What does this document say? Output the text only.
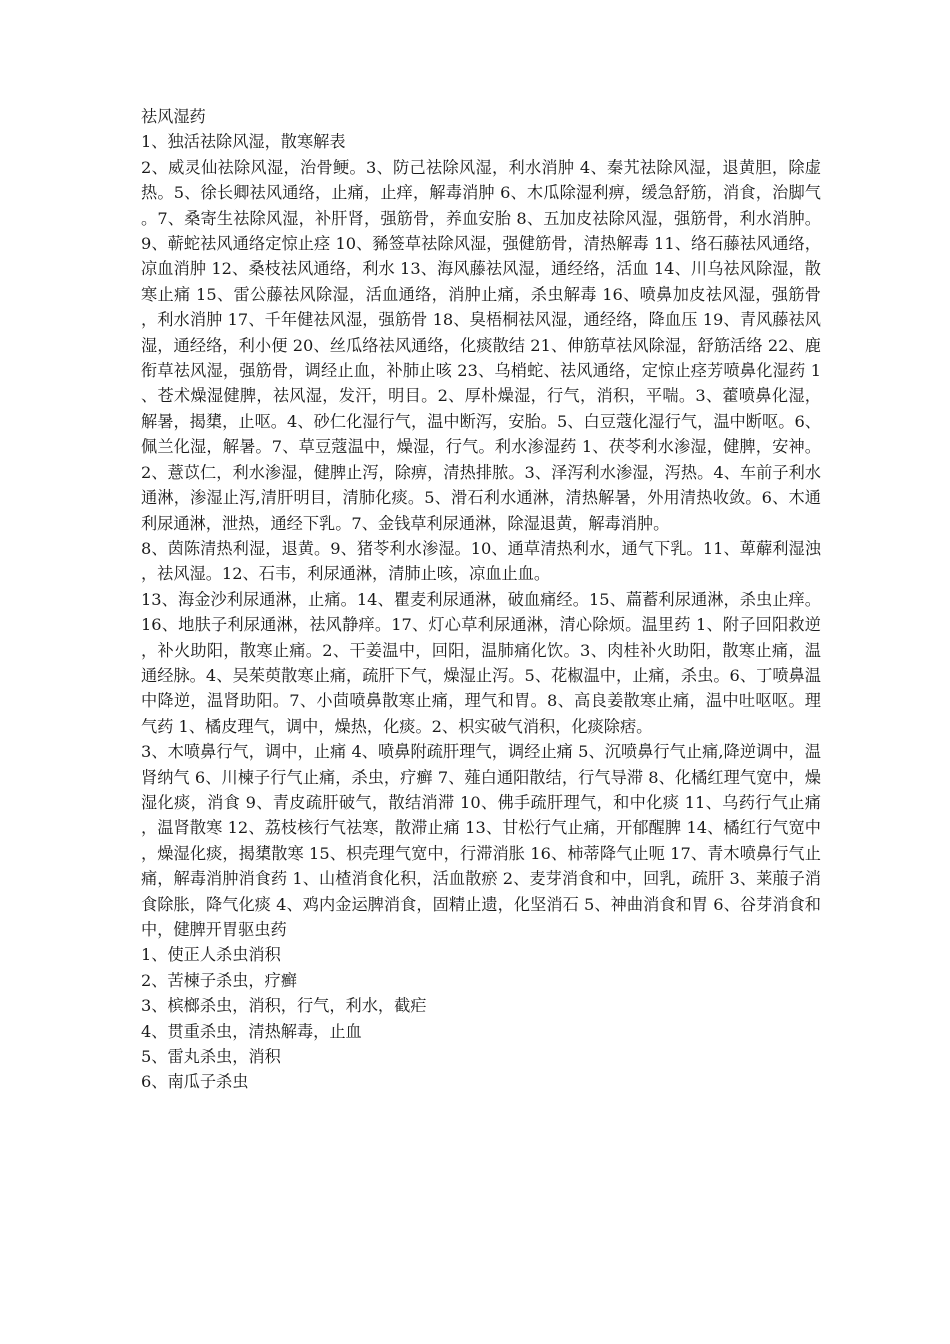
祛风湿药

1、独活祛除风湿，散寒解表

2、威灵仙祛除风湿，治骨鲠。3、防己祛除风湿，利水消肿 4、秦艽祛除风湿，退黄胆，除虚热。5、徐长卿祛风通络，止痛，止痒，解毒消肿 6、木瓜除湿利痹，缓急舒筋，消食，治脚气。7、桑寄生祛除风湿，补肝肾，强筋骨，养血安胎 8、五加皮祛除风湿，强筋骨，利水消肿。9、蕲蛇祛风通络定惊止痉 10、豨签草祛除风湿，强健筋骨，清热解毒 11、络石藤祛风通络，凉血消肿 12、桑枝祛风通络，利水 13、海风藤祛风湿，通经络，活血 14、川乌祛风除湿，散寒止痛 15、雷公藤祛风除湿，活血通络，消肿止痛，杀虫解毒 16、喷鼻加皮祛风湿，强筋骨，利水消肿 17、千年健祛风湿，强筋骨 18、臭梧桐祛风湿，通经络，降血压 19、青风藤祛风湿，通经络，利小便 20、丝瓜络祛风通络，化痰散结 21、伸筋草祛风除湿，舒筋活络 22、鹿衔草祛风湿，强筋骨，调经止血，补肺止咳 23、乌梢蛇、祛风通络，定惊止痉芳喷鼻化湿药 1、苍术燥湿健脾，祛风湿，发汗，明目。2、厚朴燥湿，行气，消积，平喘。3、藿喷鼻化湿，解暑，揭橥，止呕。4、砂仁化湿行气，温中断泻，安胎。5、白豆蔻化湿行气，温中断呕。6、佩兰化湿，解暑。7、草豆蔻温中，燥湿，行气。利水渗湿药 1、茯苓利水渗湿，健脾，安神。2、薏苡仁，利水渗湿，健脾止泻，除痹，清热排脓。3、泽泻利水渗湿，泻热。4、车前子利水通淋，渗湿止泻,清肝明目，清肺化痰。5、滑石利水通淋，清热解暑，外用清热收敛。6、木通利尿通淋，泄热，通经下乳。7、金钱草利尿通淋，除湿退黄，解毒消肿。

8、茵陈清热利湿，退黄。9、猪苓利水渗湿。10、通草清热利水，通气下乳。11、萆薢利湿浊，祛风湿。12、石韦，利尿通淋，清肺止咳，凉血止血。

13、海金沙利尿通淋，止痛。14、瞿麦利尿通淋，破血痛经。15、萹蓄利尿通淋，杀虫止痒。16、地肤子利尿通淋，祛风静痒。17、灯心草利尿通淋，清心除烦。温里药 1、附子回阳救逆，补火助阳，散寒止痛。2、干姜温中，回阳，温肺痛化饮。3、肉桂补火助阳，散寒止痛，温通经脉。4、吴茱萸散寒止痛，疏肝下气，燥湿止泻。5、花椒温中，止痛，杀虫。6、丁喷鼻温中降逆，温肾助阳。7、小茴喷鼻散寒止痛，理气和胃。8、高良姜散寒止痛，温中吐呕呕。理气药 1、橘皮理气，调中，燥热，化痰。2、枳实破气消积，化痰除痞。

3、木喷鼻行气，调中，止痛 4、喷鼻附疏肝理气，调经止痛 5、沉喷鼻行气止痛,降逆调中，温肾纳气 6、川楝子行气止痛，杀虫，疗癣 7、薤白通阳散结，行气导滞 8、化橘红理气宽中，燥湿化痰，消食 9、青皮疏肝破气，散结消滞 10、佛手疏肝理气，和中化痰 11、乌药行气止痛，温肾散寒 12、荔枝核行气祛寒，散滞止痛 13、甘松行气止痛，开郁醒脾 14、橘红行气宽中，燥湿化痰，揭橥散寒 15、枳壳理气宽中，行滞消胀 16、柿蒂降气止呃 17、青木喷鼻行气止痛，解毒消肿消食药 1、山楂消食化积，活血散瘀 2、麦芽消食和中，回乳，疏肝 3、莱菔子消食除胀，降气化痰 4、鸡内金运脾消食，固精止遗，化坚消石 5、神曲消食和胃 6、谷芽消食和中，健脾开胃驱虫药

1、使正人杀虫消积

2、苦楝子杀虫，疗癣

3、槟榔杀虫，消积，行气，利水，截疟

4、贯重杀虫，清热解毒，止血

5、雷丸杀虫，消积

6、南瓜子杀虫
